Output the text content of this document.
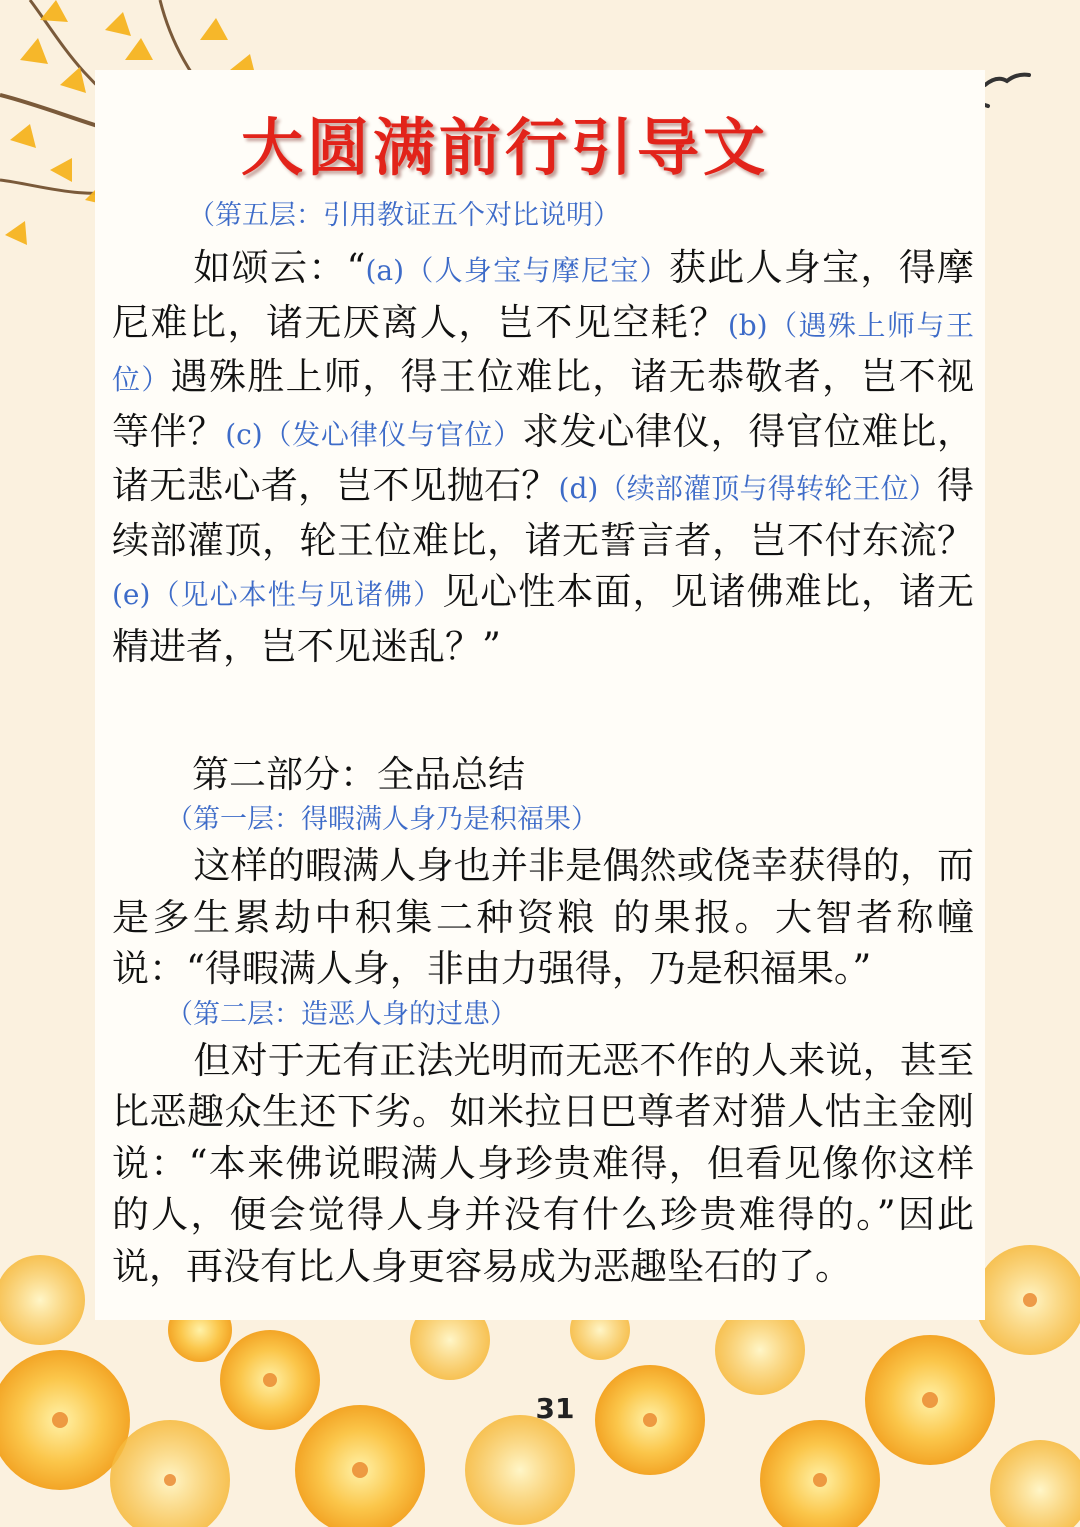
大圆满前行引导文
（第五层：引用教证五个对比说明）

如颂云：“(a)（人身宝与摩尼宝）获此人身宝，得摩尼难比，诸无厌离人，岂不见空耗？(b)（遇殊上师与王位）遇殊胜上师，得王位难比，诸无恭敬者，岂不视等伴？(c)（发心律仪与官位）求发心律仪，得官位难比，诸无悲心者，岂不见抛石？(d)（续部灌顶与得转轮王位）得续部灌顶，轮王位难比，诸无誓言者，岂不付东流？(e)（见心本性与见诸佛）见心性本面，见诸佛难比，诸无精进者，岂不见迷乱？”

第二部分：全品总结
（第一层：得暇满人身乃是积福果）

这样的暇满人身也并非是偶然或侥幸获得的，而是多生累劫中积集二种资粮 的果报。大智者称幢说：“得暇满人身，非由力强得，乃是积福果。”

（第二层：造恶人身的过患）

但对于无有正法光明而无恶不作的人来说，甚至比恶趣众生还下劣。如米拉日巴尊者对猎人怙主金刚说：“本来佛说暇满人身珍贵难得，但看见像你这样的人，便会觉得人身并没有什么珍贵难得的。”因此说，再没有比人身更容易成为恶趣坠石的了。

31
